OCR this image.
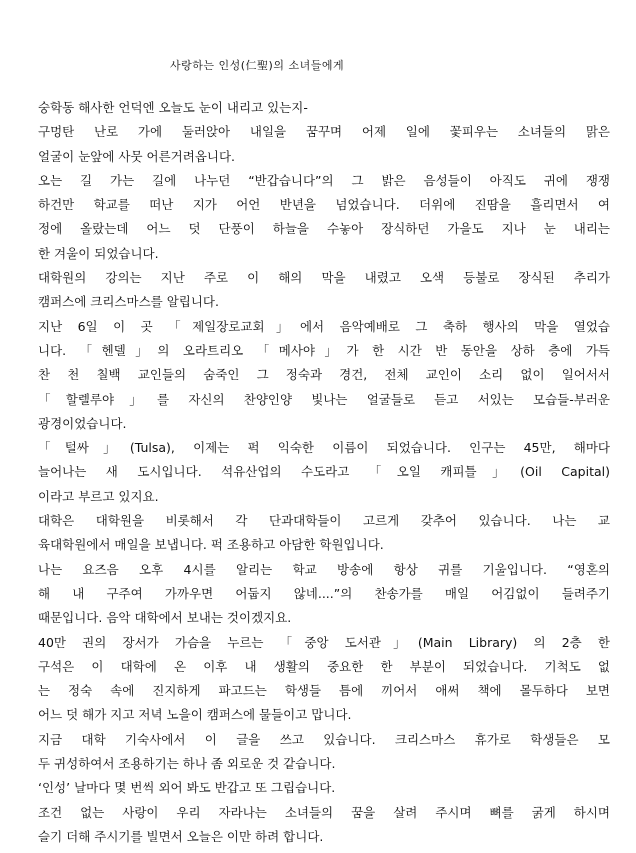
사랑하는 인성(仁聖)의 소녀들에게
숭학동 해사한 언덕엔 오늘도 눈이 내리고 있는지-
구멍탄 난로 가에 둘러앉아 내일을 꿈꾸며 어제 일에 꽃피우는 소녀들의 맑은
얼굴이 눈앞에 사뭇 어른거려옵니다.
오는 길 가는 길에 나누던 “반갑습니다”의 그 밝은 음성들이 아직도 귀에 쟁쟁
하건만 학교를 떠난 지가 어언 반년을 넘었습니다. 더위에 진땀을 흘리면서 여
정에 올랐는데 어느 덧 단풍이 하늘을 수놓아 장식하던 가을도 지나 눈 내리는
한 겨울이 되었습니다.
대학원의 강의는 지난 주로 이 해의 막을 내렸고 오색 등불로 장식된 추리가
캠퍼스에 크리스마스를 알립니다.
지난 6일 이 곳 「제일장로교회」에서 음악예배로 그 축하 행사의 막을 열었습
니다. 「헨델」의 오라트리오 「메사야」가 한 시간 반 동안을 상하 층에 가득
찬 천 칠백 교인들의 숨죽인 그 정숙과 경건, 전체 교인이 소리 없이 일어서서
「할렐루야」를 자신의 찬양인양 빛나는 얼굴들로 듣고 서있는 모습들-부러운
광경이었습니다.
「털싸」(Tulsa), 이제는 퍽 익숙한 이름이 되었습니다. 인구는 45만, 해마다
늘어나는 새 도시입니다. 석유산업의 수도라고 「오일 캐피틀」(Oil Capital)
이라고 부르고 있지요.
대학은 대학원을 비롯해서 각 단과대학들이 고르게 갖추어 있습니다. 나는 교
육대학원에서 매일을 보냅니다. 퍽 조용하고 아담한 학원입니다.
나는 요즈음 오후 4시를 알리는 학교 방송에 항상 귀를 기울입니다. “영혼의
해 내 구주여 가까우면 어둡지 않네....”의 찬송가를 매일 어김없이 들려주기
때문입니다. 음악 대학에서 보내는 것이겠지요.
40만 권의 장서가 가슴을 누르는 「중앙 도서관」(Main Library) 의 2층 한
구석은 이 대학에 온 이후 내 생활의 중요한 한 부분이 되었습니다. 기척도 없
는 정숙 속에 진지하게 파고드는 학생들 틈에 끼어서 애써 책에 몰두하다 보면
어느 덧 해가 지고 저녁 노을이 캠퍼스에 물들이고 맙니다.
지금 대학 기숙사에서 이 글을 쓰고 있습니다. 크리스마스 휴가로 학생들은 모
두 귀성하여서 조용하기는 하나 좀 외로운 것 같습니다.
‘인성’ 날마다 몇 번씩 외어 봐도 반갑고 또 그립습니다.
조건 없는 사랑이 우리 자라나는 소녀들의 꿈을 살려 주시며 뼈를 굵게 하시며
슬기 더해 주시기를 빌면서 오늘은 이만 하려 합니다.
